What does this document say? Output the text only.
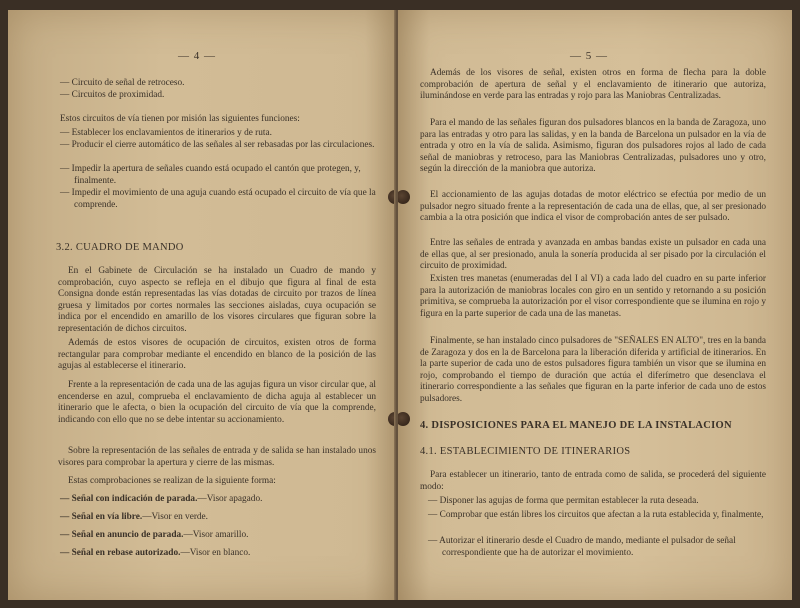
— 4 —

— Circuito de señal de retroceso.

— Circuitos de proximidad.

Estos circuitos de vía tienen por misión las siguientes funciones:

— Establecer los enclavamientos de itinerarios y de ruta.

— Producir el cierre automático de las señales al ser rebasadas por las circulaciones.

— Impedir la apertura de señales cuando está ocupado el cantón que protegen, y, finalmente.

— Impedir el movimiento de una aguja cuando está ocupado el circuito de vía que la comprende.

3.2. CUADRO DE MANDO

En el Gabinete de Circulación se ha instalado un Cuadro de mando y comprobación, cuyo aspecto se refleja en el dibujo que figura al final de esta Consigna donde están representadas las vías dotadas de circuito por trazos de línea gruesa y limitados por cortes normales las secciones aisladas, cuya ocupación se indica por el encendido en amarillo de los visores circulares que figuran sobre la representación de dichos circuitos.

Además de estos visores de ocupación de circuitos, existen otros de forma rectangular para comprobar mediante el encendido en blanco de la posición de las agujas al establecerse el itinerario.

Frente a la representación de cada una de las agujas figura un visor circular que, al encenderse en azul, comprueba el enclavamiento de dicha aguja al establecer un itinerario que le afecta, o bien la ocupación del circuito de vía que la comprende, indicando con ello que no se debe intentar su accionamiento.

Sobre la representación de las señales de entrada y de salida se han instalado unos visores para comprobar la apertura y cierre de las mismas.

Estas comprobaciones se realizan de la siguiente forma:

— Señal con indicación de parada.—Visor apagado.

— Señal en vía libre.—Visor en verde.

— Señal en anuncio de parada.—Visor amarillo.

— Señal en rebase autorizado.—Visor en blanco.

— 5 —

Además de los visores de señal, existen otros en forma de flecha para la doble comprobación de apertura de señal y el enclavamiento de itinerario que autoriza, iluminándose en verde para las entradas y rojo para las Maniobras Centralizadas.

Para el mando de las señales figuran dos pulsadores blancos en la banda de Zaragoza, uno para las entradas y otro para las salidas, y en la banda de Barcelona un pulsador en la vía de entrada y otro en la vía de salida. Asimismo, figuran dos pulsadores rojos al lado de cada señal de maniobras y retroceso, para las Maniobras Centralizadas, pulsadores uno y otro, según la dirección de la maniobra que autoriza.

El accionamiento de las agujas dotadas de motor eléctrico se efectúa por medio de un pulsador negro situado frente a la representación de cada una de ellas, que, al ser presionado cambia a la otra posición que indica el visor de comprobación antes de ser pulsado.

Entre las señales de entrada y avanzada en ambas bandas existe un pulsador en cada una de ellas que, al ser presionado, anula la sonería producida al ser pisado por la circulación el circuito de proximidad.

Existen tres manetas (enumeradas del I al VI) a cada lado del cuadro en su parte inferior para la autorización de maniobras locales con giro en un sentido y retornando a su posición primitiva, se comprueba la autorización por el visor correspondiente que se ilumina en rojo y figura en la parte superior de cada una de las manetas.

Finalmente, se han instalado cinco pulsadores de "SEÑALES EN ALTO", tres en la banda de Zaragoza y dos en la de Barcelona para la liberación diferida y artificial de itinerarios. En la parte superior de cada uno de estos pulsadores figura también un visor que se ilumina en rojo, comprobando el tiempo de duración que actúa el diferímetro que desenclava el itinerario correspondiente a las señales que figuran en la parte inferior de cada uno de estos pulsadores.

4. DISPOSICIONES PARA EL MANEJO DE LA INSTALACION

4.1. ESTABLECIMIENTO DE ITINERARIOS

Para establecer un itinerario, tanto de entrada como de salida, se procederá del siguiente modo:

— Disponer las agujas de forma que permitan establecer la ruta deseada.

— Comprobar que están libres los circuitos que afectan a la ruta establecida y, finalmente,

— Autorizar el itinerario desde el Cuadro de mando, mediante el pulsador de señal correspondiente que ha de autorizar el movimiento.
